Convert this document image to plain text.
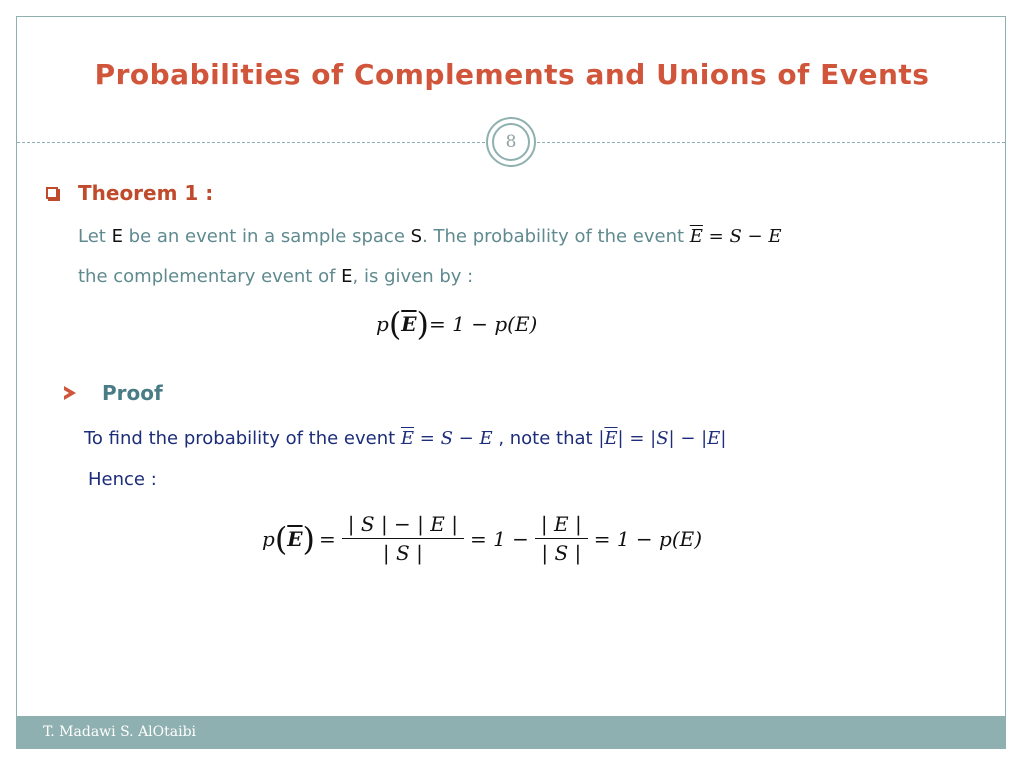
Probabilities of Complements and Unions of Events
8
Theorem 1 :
Let E be an event in a sample space S. The probability of the event $\overline{E} = S - E$
the complementary event of E, is given by :
p ( $\overline{E}$ ) = 1 − p(E)
Proof
To find the probability of the event $\overline{E} = S - E$ , note that $|\overline{E}| = |S| - |E|$
Hence :
p ( $\overline{E}$ ) = $\frac{| S | - | E |}{| S |} = 1 - \frac{| E |}{| S |} = 1 - p(E)$
T. Madawi S. AlOtaibi
